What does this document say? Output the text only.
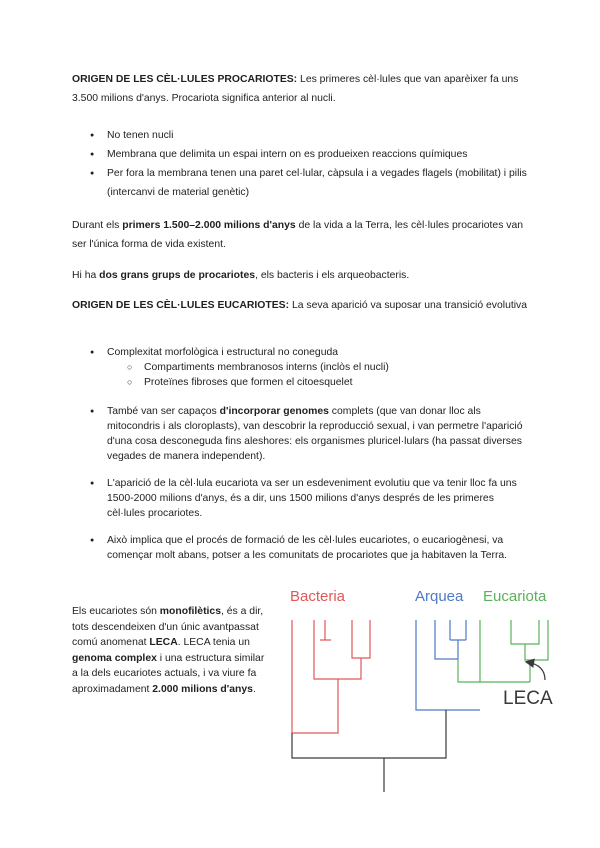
ORIGEN DE LES CÈL·LULES PROCARIOTES: Les primeres cèl·lules que van aparèixer fa uns 3.500 milions d'anys. Procariota significa anterior al nucli.

● No tenen nucli
● Membrana que delimita un espai intern on es produeixen reaccions químiques
● Per fora la membrana tenen una paret cel·lular, càpsula i a vegades flagels (mobilitat) i pilis (intercanvi de material genètic)

Durant els primers 1.500–2.000 milions d'anys de la vida a la Terra, les cèl·lules procariotes van ser l'única forma de vida existent.

Hi ha dos grans grups de procariotes, els bacteris i els arqueobacteris.

ORIGEN DE LES CÈL·LULES EUCARIOTES: La seva aparició va suposar una transició evolutiva

● Complexitat morfològica i estructural no coneguda
○ Compartiments membranosos interns (inclòs el nucli)
○ Proteïnes fibroses que formen el citoesquelet
● També van ser capaços d'incorporar genomes complets (que van donar lloc als mitocondris i als cloroplasts), van descobrir la reproducció sexual, i van permetre l'aparició d'una cosa desconeguda fins aleshores: els organismes pluricel·lulars (ha passat diverses vegades de manera independent).
● L'aparició de la cèl·lula eucariota va ser un esdeveniment evolutiu que va tenir lloc fa uns 1500-2000 milions d'anys, és a dir, uns 1500 milions d'anys després de les primeres cèl·lules procariotes.
● Això implica que el procés de formació de les cèl·lules eucariotes, o eucariogènesi, va començar molt abans, potser a les comunitats de procariotes que ja habitaven la Terra.

Els eucariotes són monofilètics, és a dir, tots descendeixen d'un únic avantpassat comú anomenat LECA. LECA tenia un genoma complex i una estructura similar a la dels eucariotes actuals, i va viure fa aproximadament 2.000 milions d'anys.

Bacteria	Arquea Eucariota
LECA
